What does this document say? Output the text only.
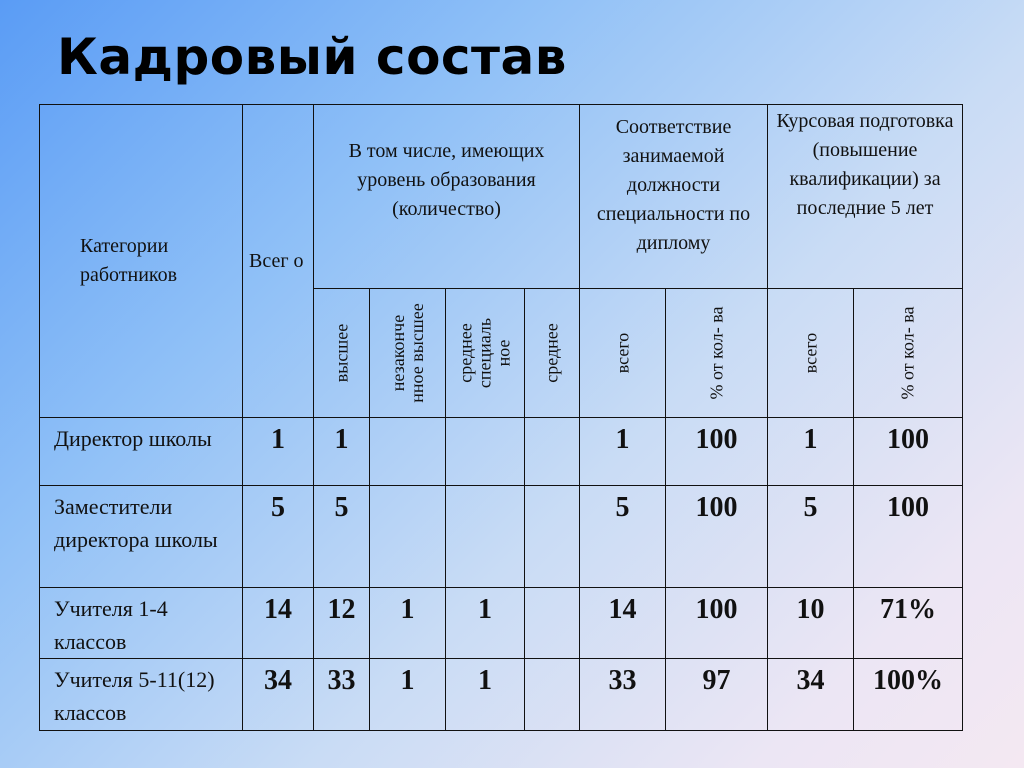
Кадровый состав
Категории работников	Всег о	В том числе, имеющих уровень образования (количество)				Соответствие занимаемой должности специальности по диплому		Курсовая подготовка (повышение квалификации) за последние 5 лет	

		высшее	незаконче нное высшее	среднее специаль ное	среднее	всего	% от кол- ва	всего	% от кол- ва

Директор школы	1	1				1	100	1	100
Заместители директора школы	5	5				5	100	5	100
Учителя 1-4 классов	14	12	1	1		14	100	10	71%
Учителя 5-11(12) классов	34	33	1	1		33	97	34	100%
